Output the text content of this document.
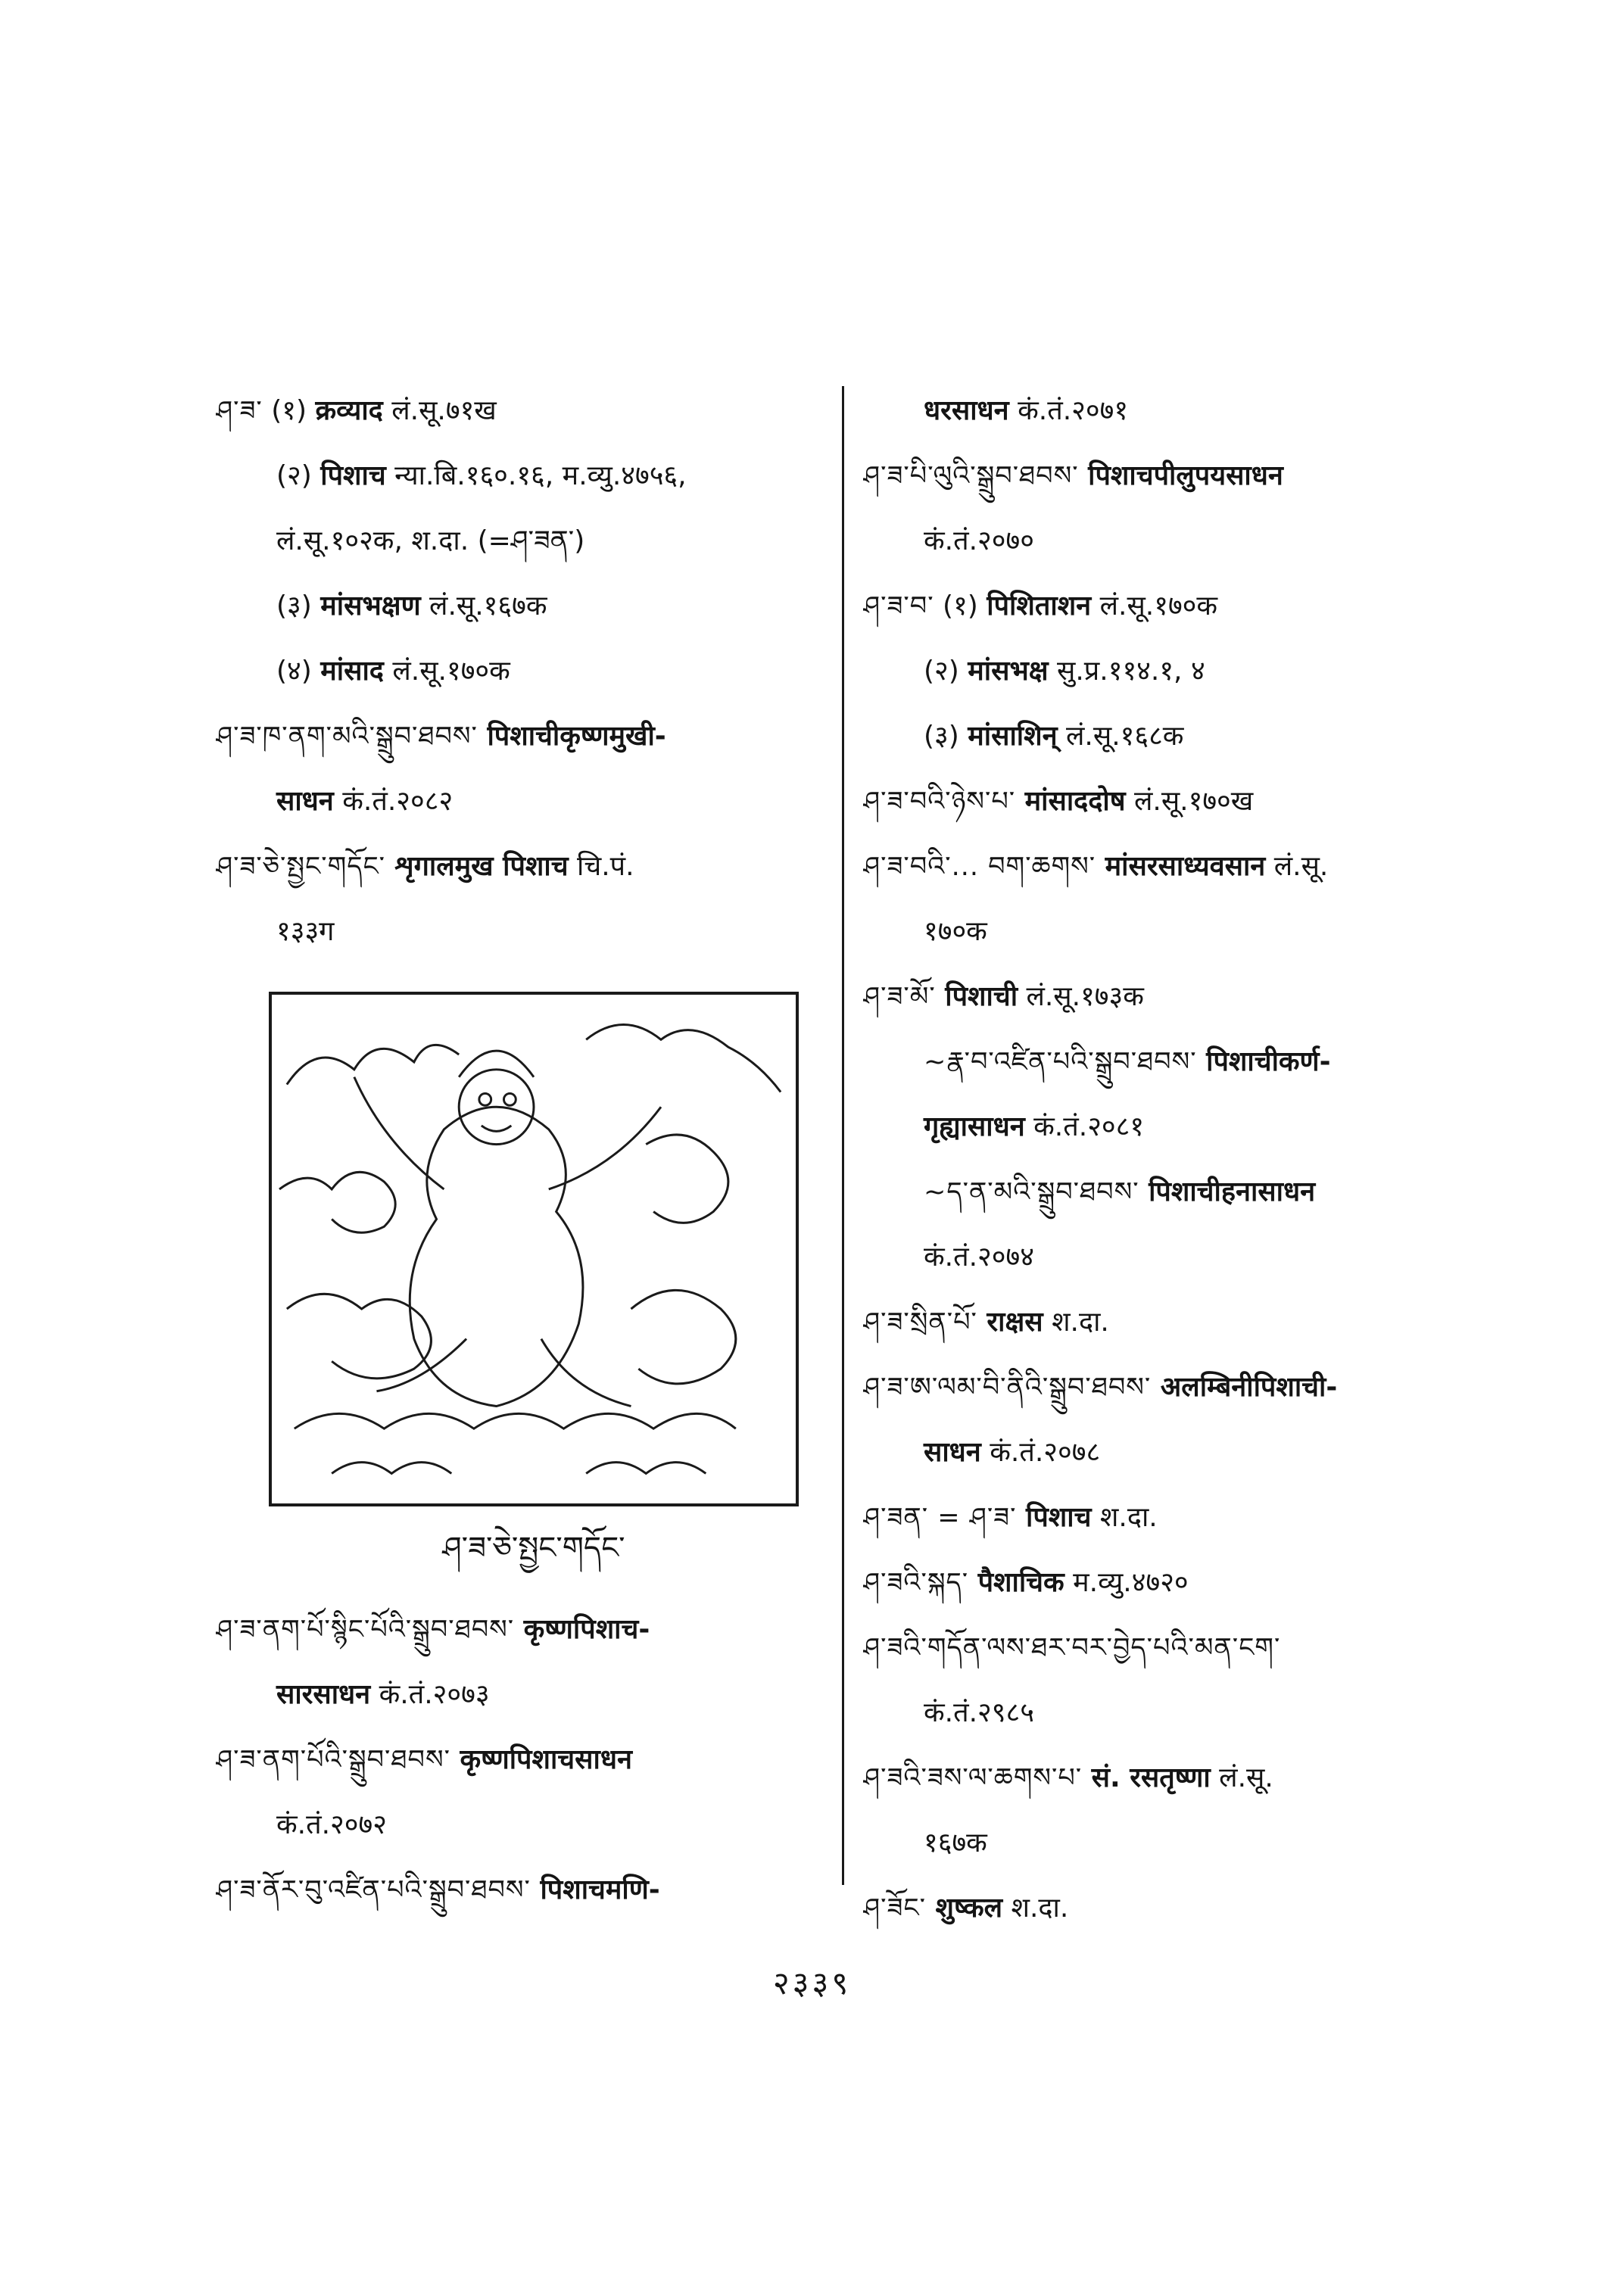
ཤ་ཟ་ (१) क्रव्याद लं.सू.७१ख
(२) पिशाच न्या.बि.१६०.१६, म.व्यु.४७५६,
लं.सू.१०२क, श.दा. (=ཤ་ཟན་)
(३) मांसभक्षण लं.सू.१६७क
(४) मांसाद लं.सू.१७०क
ཤ་ཟ་ཁ་ནག་མའི་སྒྲུབ་ཐབས་ पिशाचीकृष्णमुखी-
साधन कं.तं.२०८२
ཤ་ཟ་ཅེ་སྤྱང་གདོང་ शृगालमुख पिशाच चि.पं.
१३३ग
धरसाधन कं.तं.२०७१
ཤ་ཟ་པི་ལུའི་སྒྲུབ་ཐབས་ पिशाचपीलुपयसाधन
कं.तं.२०७०
ཤ་ཟ་བ་ (१) पिशिताशन लं.सू.१७०क
(२) मांसभक्ष सु.प्र.११४.१, ४
(३) मांसाशिन् लं.सू.१६८क
ཤ་ཟ་བའི་ཉེས་པ་ मांसाददोष लं.सू.१७०ख
ཤ་ཟ་བའི་... བག་ཆགས་ मांसरसाध्यवसान लं.सू.
१७०क
ཤ་ཟ་མོ་ पिशाची लं.सू.१७३क
~རྣ་བ་འཛིན་པའི་སྒྲུབ་ཐབས་ पिशाचीकर्ण-
गृह्यासाधन कं.तं.२०८१
~ད་ན་མའི་སྒྲུབ་ཐབས་ पिशाचीहनासाधन
कं.तं.२०७४
ཤ་ཟ་སྲིན་པོ་ राक्षस श.दा.
ཤ་ཟ་ཨ་ལམ་བི་ནིའི་སྒྲུབ་ཐབས་ अलम्बिनीपिशाची-
साधन कं.तं.२०७८
ཤ་ཟན་ = ཤ་ཟ་ पिशाच श.दा.
ཤ་ཟའི་སྐད་ पैशाचिक म.व्यु.४७२०
ཤ་ཟའི་གདོན་ལས་ཐར་བར་བྱེད་པའི་མན་ངག་
कं.तं.२९८५
ཤ་ཟའི་ཟས་ལ་ཆགས་པ་ सं. रसतृष्णा लं.सू.
१६७क
ཤ་ཟོང་ शुष्कल श.दा.
ཤ་ཟ་ཅེ་སྤྱང་གདོང་
ཤ་ཟ་ནག་པོ་སྙིང་པོའི་སྒྲུབ་ཐབས་ कृष्णपिशाच-
सारसाधन कं.तं.२०७३
ཤ་ཟ་ནག་པོའི་སྒྲུབ་ཐབས་ कृष्णपिशाचसाधन
कं.तं.२०७२
ཤ་ཟ་ནོར་བུ་འཛིན་པའི་སྒྲུབ་ཐབས་ पिशाचमणि-
२३३९
